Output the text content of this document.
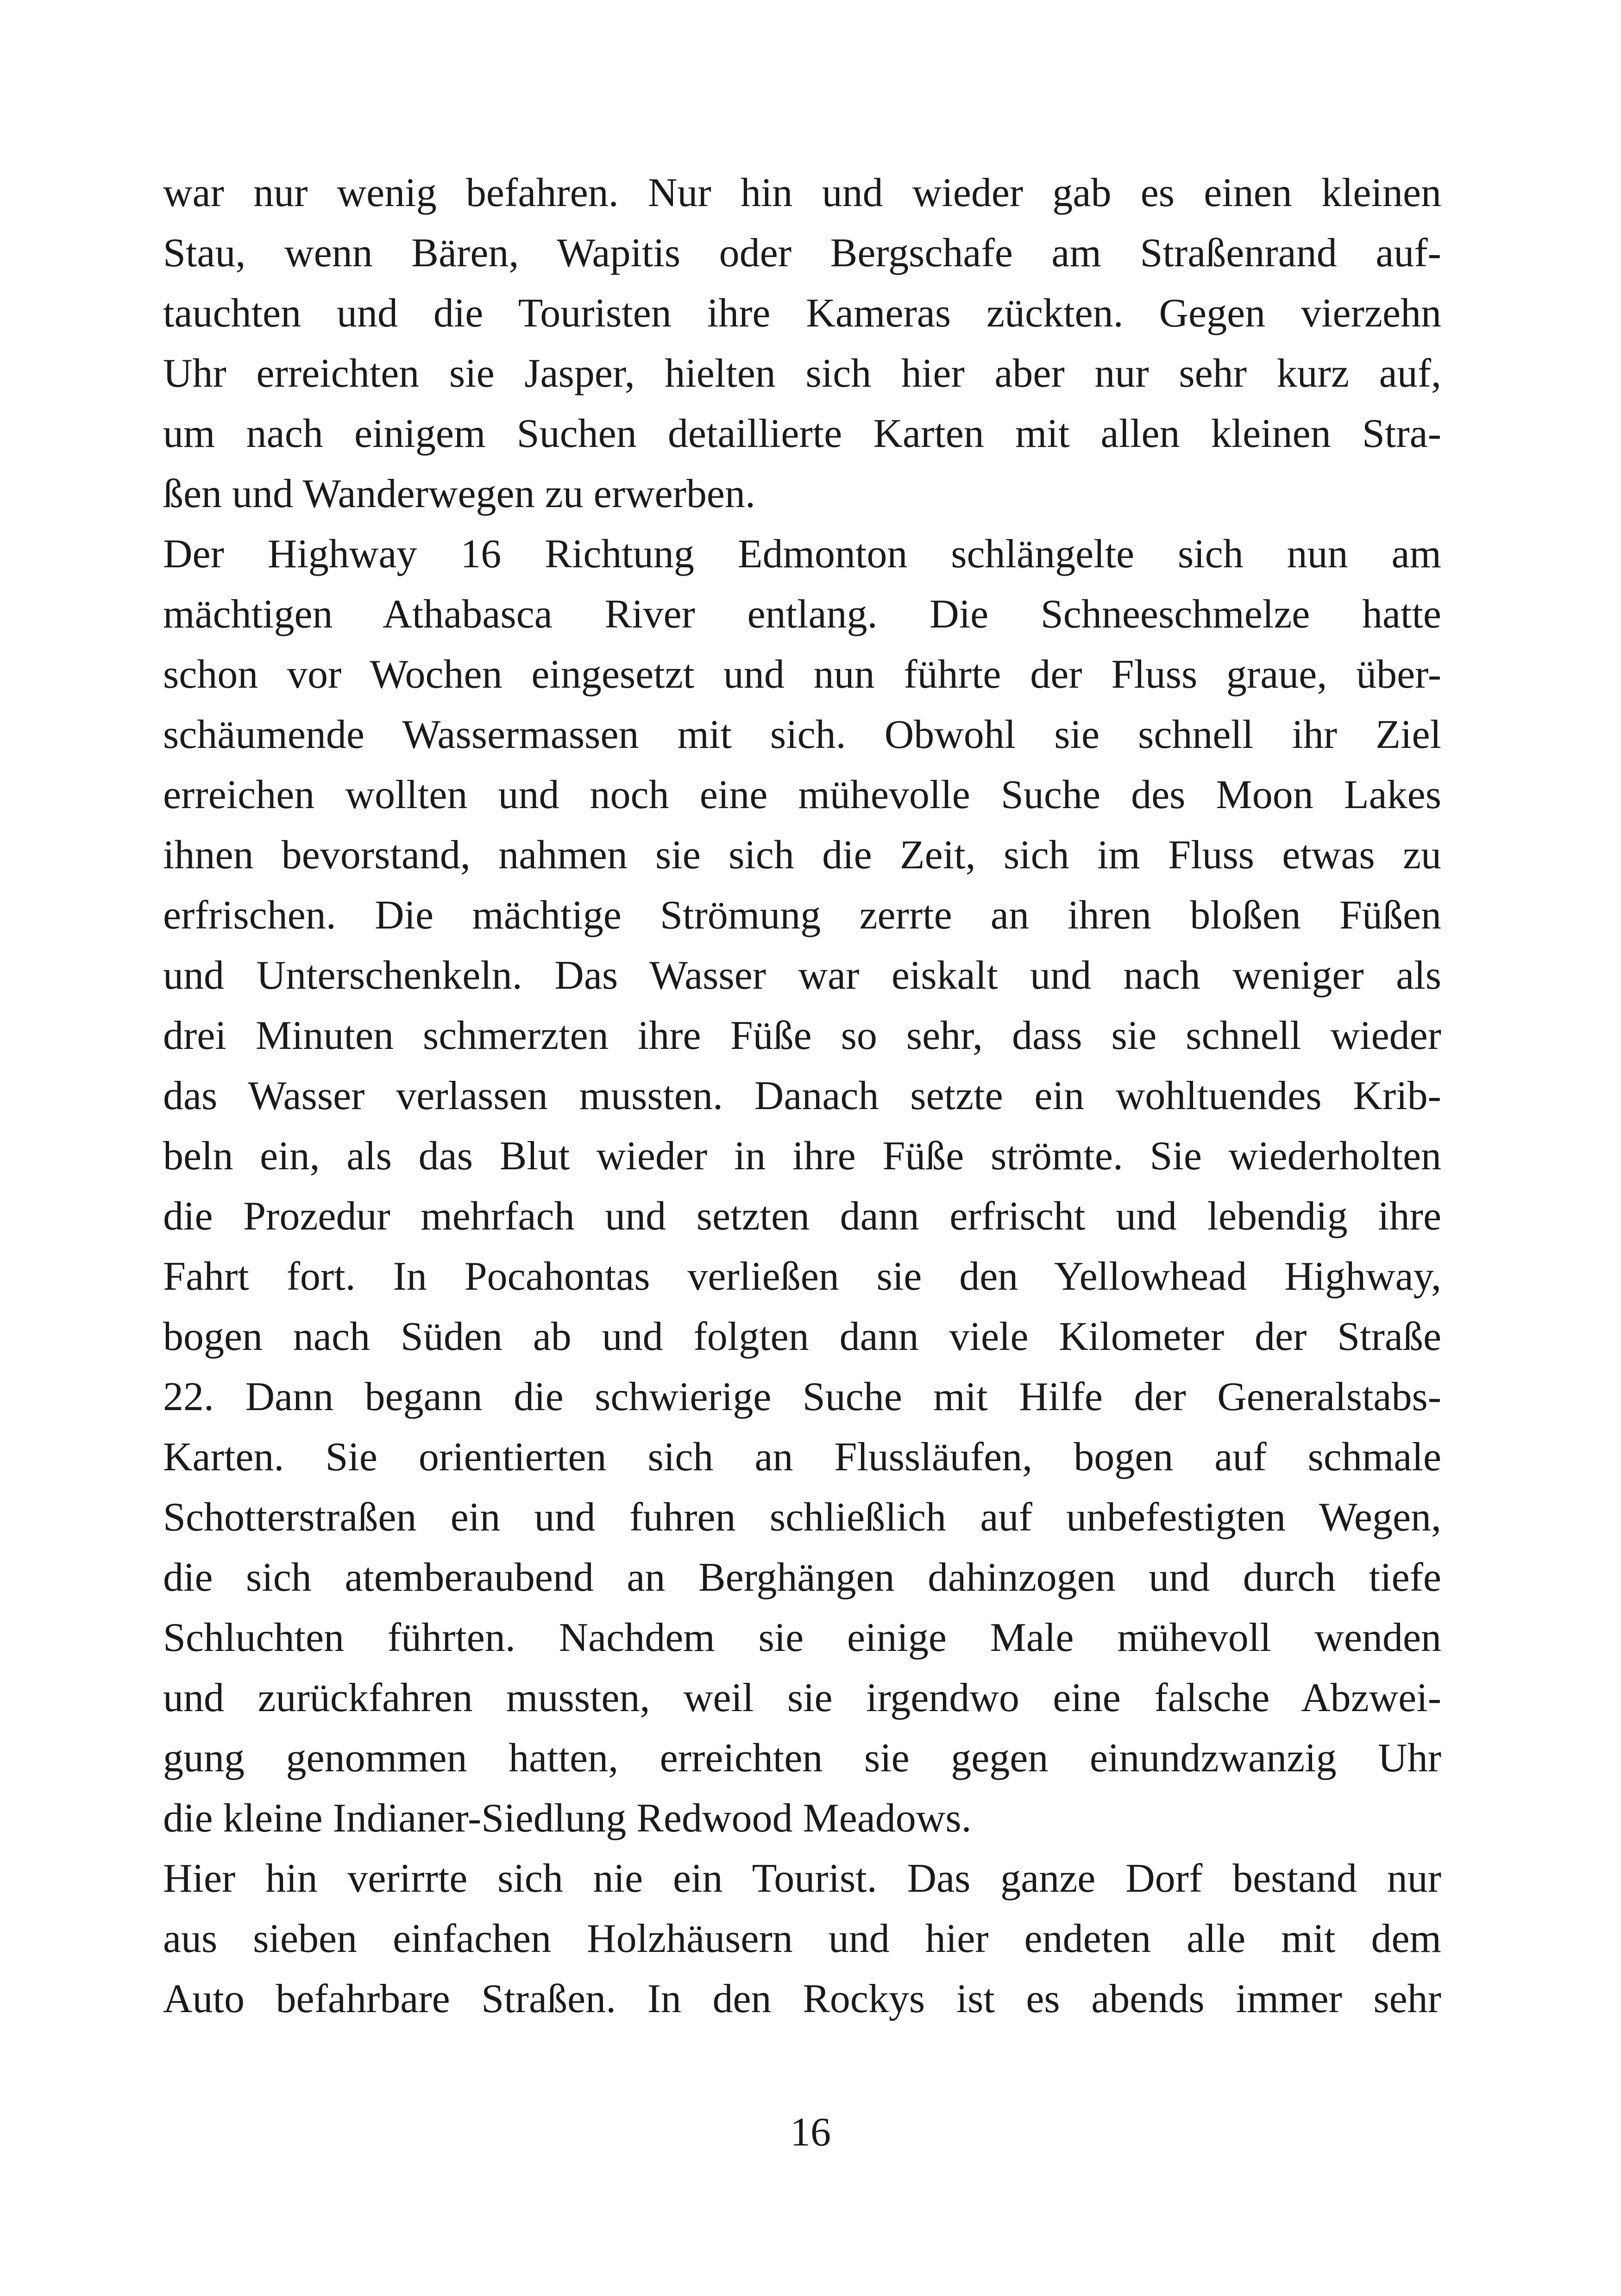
war nur wenig befahren. Nur hin und wieder gab es einen kleinen
Stau, wenn Bären, Wapitis oder Bergschafe am Straßenrand auf-
tauchten und die Touristen ihre Kameras zückten. Gegen vierzehn
Uhr erreichten sie Jasper, hielten sich hier aber nur sehr kurz auf,
um nach einigem Suchen detaillierte Karten mit allen kleinen Stra-
ßen und Wanderwegen zu erwerben.
Der Highway 16 Richtung Edmonton schlängelte sich nun am
mächtigen Athabasca River entlang. Die Schneeschmelze hatte
schon vor Wochen eingesetzt und nun führte der Fluss graue, über-
schäumende Wassermassen mit sich. Obwohl sie schnell ihr Ziel
erreichen wollten und noch eine mühevolle Suche des Moon Lakes
ihnen bevorstand, nahmen sie sich die Zeit, sich im Fluss etwas zu
erfrischen. Die mächtige Strömung zerrte an ihren bloßen Füßen
und Unterschenkeln. Das Wasser war eiskalt und nach weniger als
drei Minuten schmerzten ihre Füße so sehr, dass sie schnell wieder
das Wasser verlassen mussten. Danach setzte ein wohltuendes Krib-
beln ein, als das Blut wieder in ihre Füße strömte. Sie wiederholten
die Prozedur mehrfach und setzten dann erfrischt und lebendig ihre
Fahrt fort. In Pocahontas verließen sie den Yellowhead Highway,
bogen nach Süden ab und folgten dann viele Kilometer der Straße
22. Dann begann die schwierige Suche mit Hilfe der Generalstabs-
Karten. Sie orientierten sich an Flussläufen, bogen auf schmale
Schotterstraßen ein und fuhren schließlich auf unbefestigten Wegen,
die sich atemberaubend an Berghängen dahinzogen und durch tiefe
Schluchten führten. Nachdem sie einige Male mühevoll wenden
und zurückfahren mussten, weil sie irgendwo eine falsche Abzwei-
gung genommen hatten, erreichten sie gegen einundzwanzig Uhr
die kleine Indianer-Siedlung Redwood Meadows.
Hier hin verirrte sich nie ein Tourist. Das ganze Dorf bestand nur
aus sieben einfachen Holzhäusern und hier endeten alle mit dem
Auto befahrbare Straßen. In den Rockys ist es abends immer sehr
16
